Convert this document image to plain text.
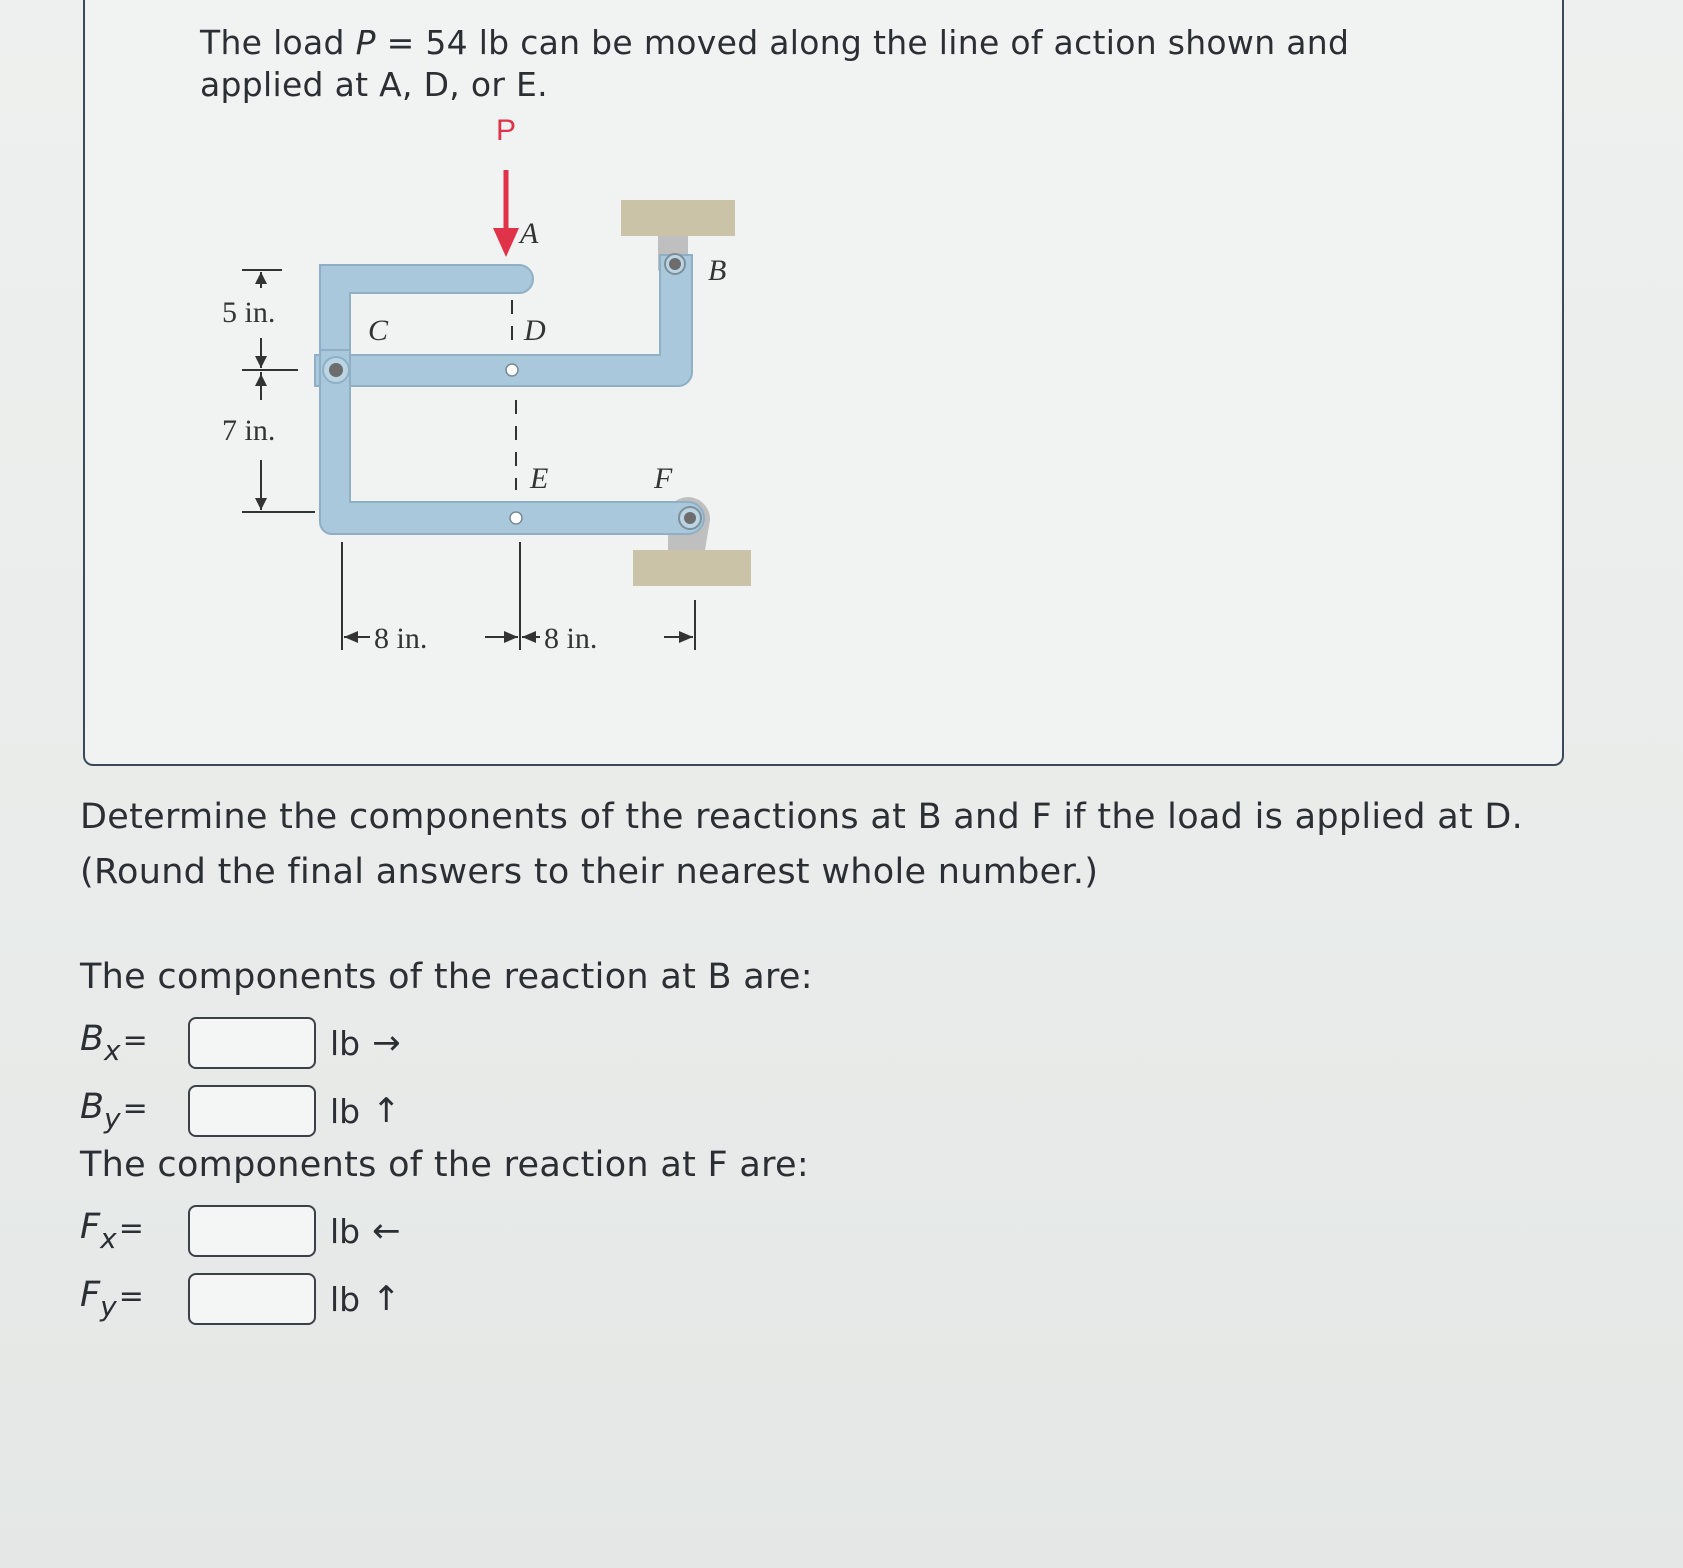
The load P = 54 lb can be moved along the line of action shown and applied at A, D, or E.
P
A
B
C	D
E	F
5 in.
7 in.
8 in.	8 in.
Determine the components of the reactions at B and F if the load is applied at D. (Round the final answers to their nearest whole number.)
The components of the reaction at B are:
$B_x=$	lb →
$B_y=$	lb ↑
The components of the reaction at F are:
$F_x=$	lb ←
$F_y=$	lb ↑
